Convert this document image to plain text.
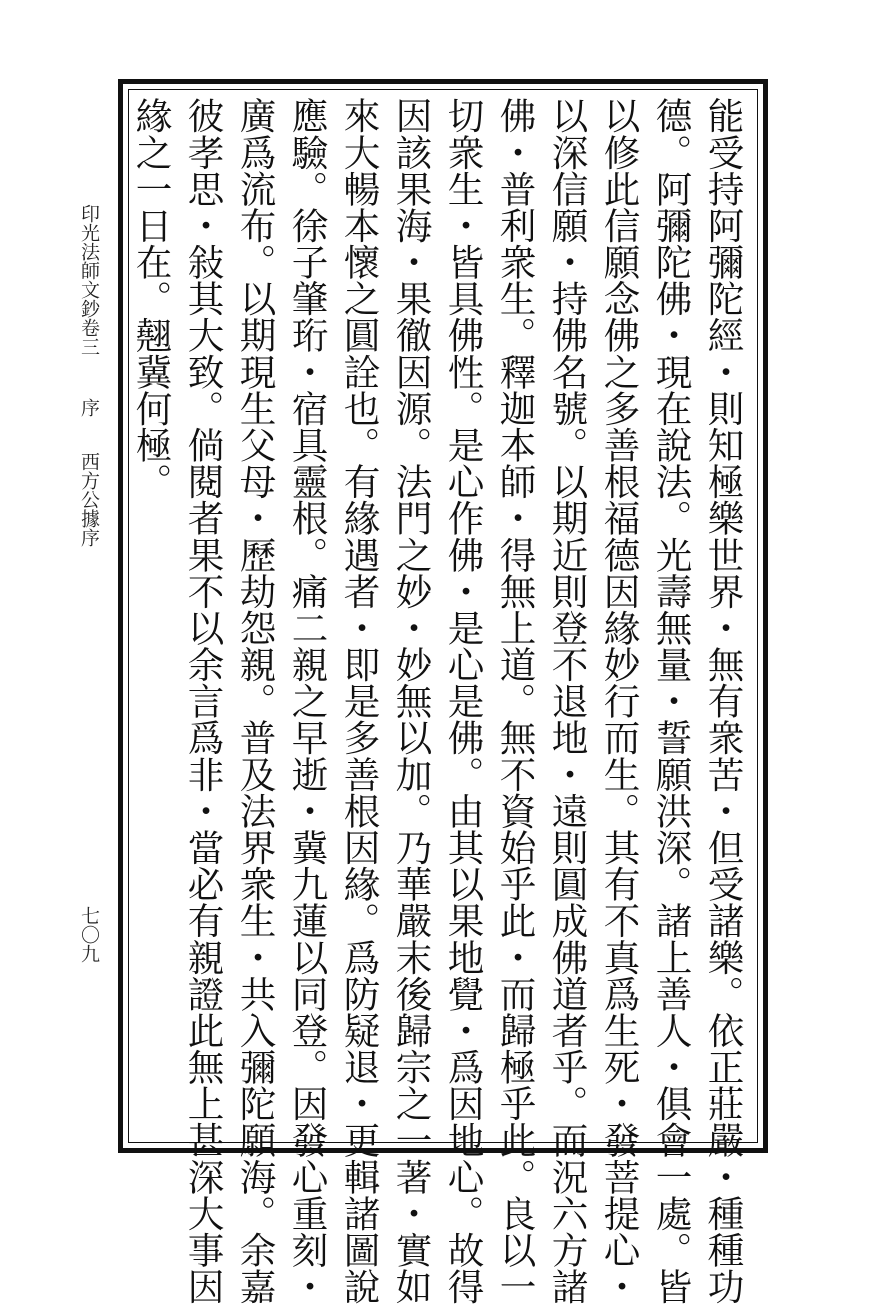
能受持阿彌陀經・則知極樂世界・無有衆苦・但受諸樂。依正莊嚴・種種功
德。阿彌陀佛・現在說法。光壽無量・誓願洪深。諸上善人・俱會一處。皆
以修此信願念佛之多善根福德因緣妙行而生。其有不真爲生死・發菩提心・
以深信願・持佛名號。以期近則登不退地・遠則圓成佛道者乎。而況六方諸
佛・普利衆生。釋迦本師・得無上道。無不資始乎此・而歸極乎此。良以一
切衆生・皆具佛性。是心作佛・是心是佛。由其以果地覺・爲因地心。故得
因該果海・果徹因源。法門之妙・妙無以加。乃華嚴末後歸宗之一著・實如
來大暢本懷之圓詮也。有緣遇者・即是多善根因緣。爲防疑退・更輯諸圖說
應驗。徐子肇珩・宿具靈根。痛二親之早逝・冀九蓮以同登。因發心重刻・
廣爲流布。以期現生父母・歷劫怨親。普及法界衆生・共入彌陀願海。余嘉
彼孝思・敍其大致。倘閱者果不以余言爲非・當必有親證此無上甚深大事因
緣之一日在。翹冀何極。
印光法師文鈔卷三
序
西方公據序
七〇九
